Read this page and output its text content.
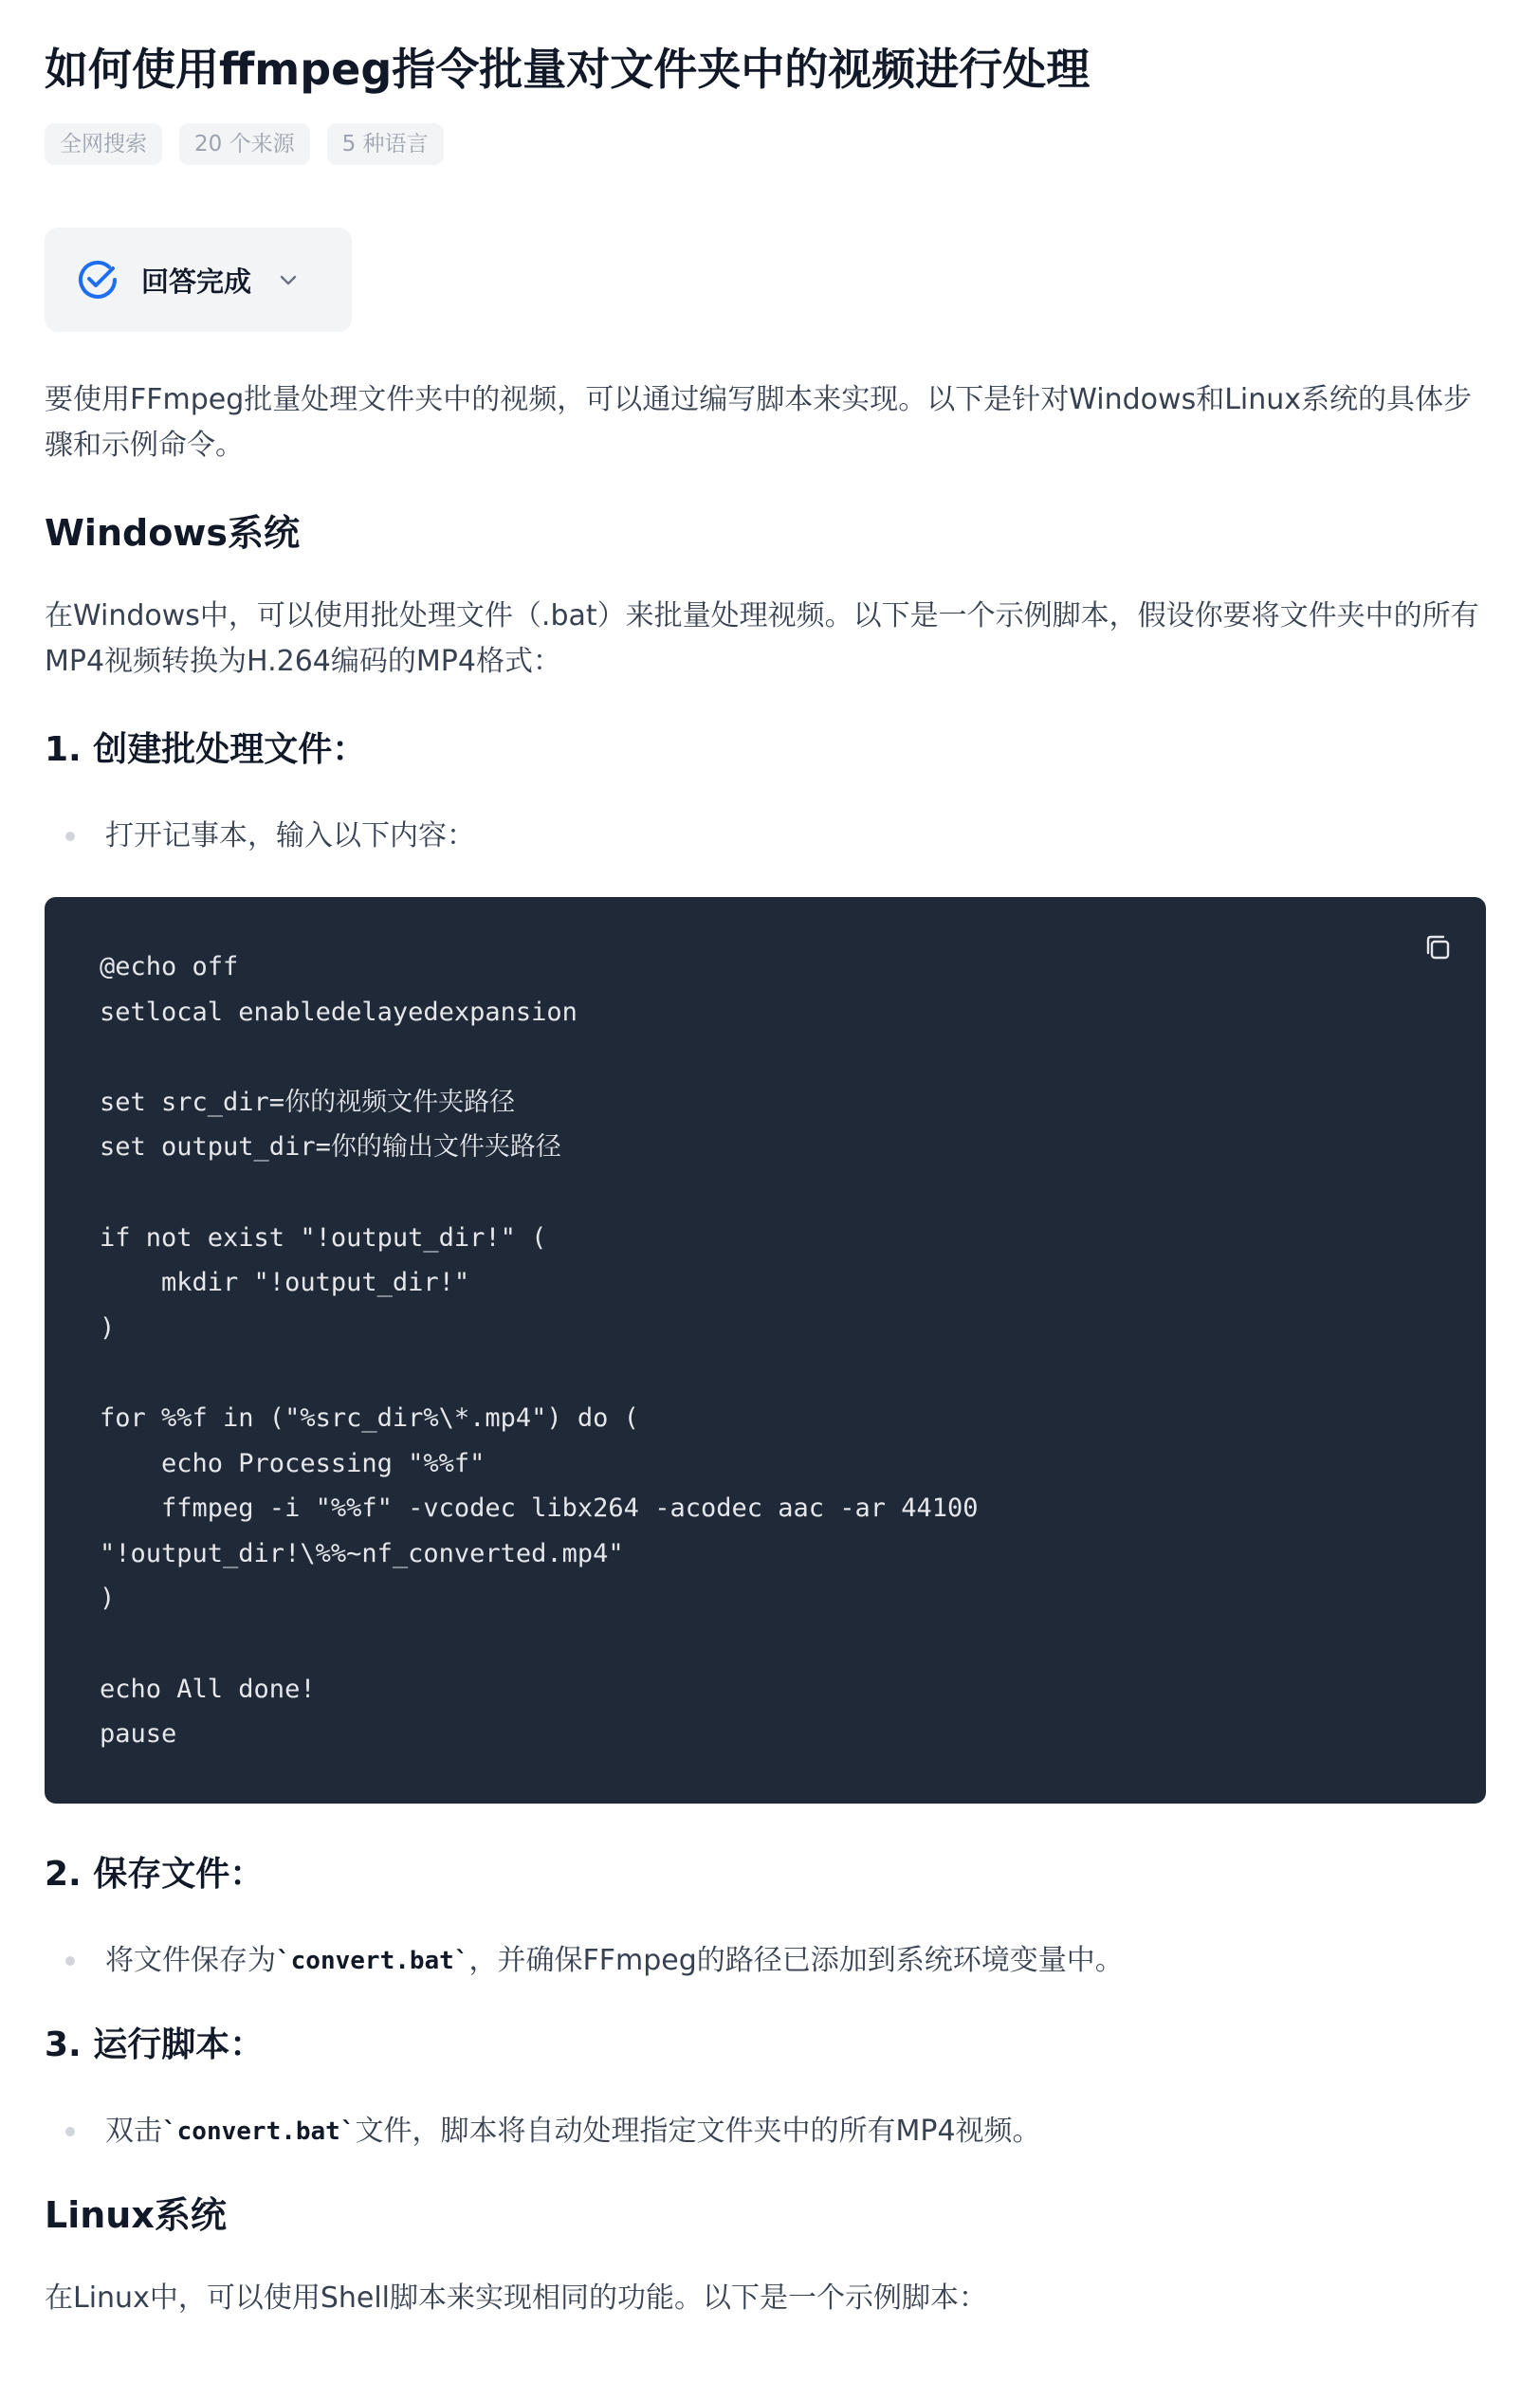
如何使用ffmpeg指令批量对文件夹中的视频进行处理
全网搜索	20 个来源	5 种语言
回答完成
要使用FFmpeg批量处理文件夹中的视频，可以通过编写脚本来实现。以下是针对Windows和Linux系统的具体步骤和示例命令。
Windows系统
在Windows中，可以使用批处理文件（.bat）来批量处理视频。以下是一个示例脚本，假设你要将文件夹中的所有MP4视频转换为H.264编码的MP4格式：
1. 创建批处理文件：
打开记事本，输入以下内容：
@echo off
setlocal enabledelayedexpansion

set src_dir=你的视频文件夹路径
set output_dir=你的输出文件夹路径

if not exist "!output_dir!" (
mkdir "!output_dir!"
)

for %%f in ("%src_dir%\*.mp4") do (
echo Processing "%%f"
ffmpeg -i "%%f" -vcodec libx264 -acodec aac -ar 44100
"!output_dir!\%%~nf_converted.mp4"
)

echo All done!
pause
2. 保存文件：
将文件保存为 `convert.bat` ，并确保FFmpeg的路径已添加到系统环境变量中。
3. 运行脚本：
双击 `convert.bat` 文件，脚本将自动处理指定文件夹中的所有MP4视频。
Linux系统
在Linux中，可以使用Shell脚本来实现相同的功能。以下是一个示例脚本：
